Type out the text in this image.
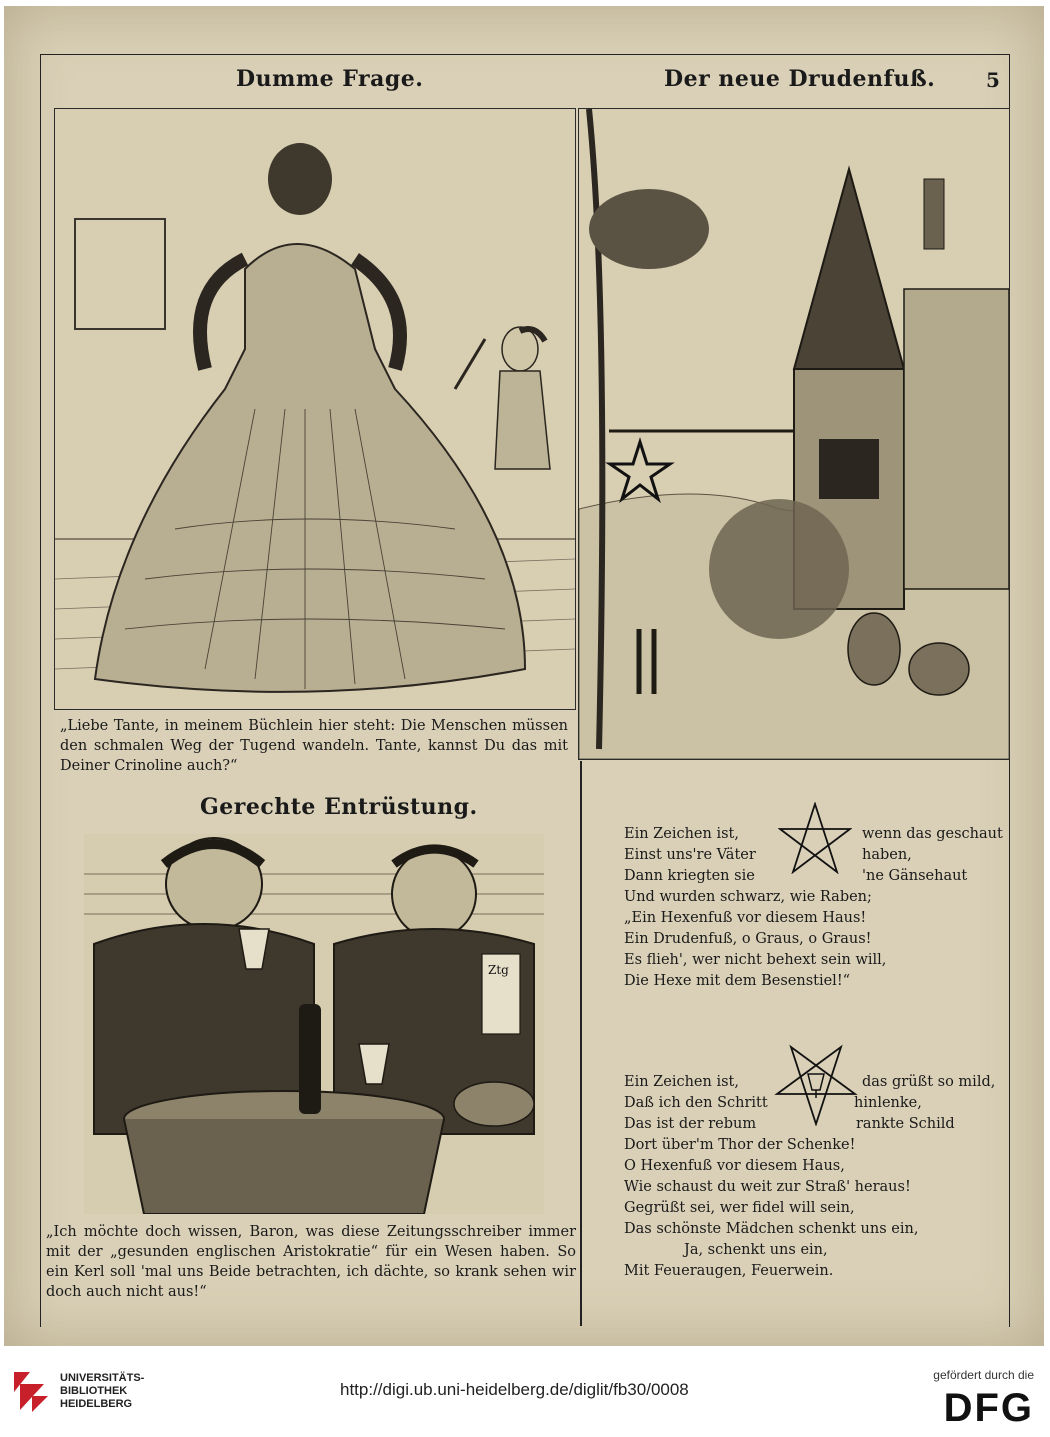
Dumme Frage.	Der neue Drudenfuß.	5

„Liebe Tante, in meinem Büchlein hier steht: Die Menschen müssen den schmalen Weg der Tugend wandeln. Tante, kannst Du das mit Deiner Crinoline auch?“

Gerechte Entrüstung.
Ztg

„Ich möchte doch wissen, Baron, was diese Zeitungsschreiber immer mit der „gesunden englischen Aristokratie“ für ein Wesen haben. So ein Kerl soll 'mal uns Beide betrachten, ich dächte, so krank sehen wir doch auch nicht aus!“

Ein Zeichen ist,	wenn das geschaut
Einst uns're Väter	haben,
Dann kriegten sie	'ne Gänsehaut
Und wurden schwarz, wie Raben;
„Ein Hexenfuß vor diesem Haus!
Ein Drudenfuß, o Graus, o Graus!
Es flieh', wer nicht behext sein will,
Die Hexe mit dem Besenstiel!“
Ein Zeichen ist,	das grüßt so mild,
Daß ich den Schritt	hinlenke,
Das ist der rebum	rankte Schild
Dort über'm Thor der Schenke!
O Hexenfuß vor diesem Haus,
Wie schaust du weit zur Straß' heraus!
Gegrüßt sei, wer fidel will sein,
Das schönste Mädchen schenkt uns ein,
Ja, schenkt uns ein,
Mit Feueraugen, Feuerwein.
UNIVERSITÄTS-
BIBLIOTHEK
HEIDELBERG
http://digi.ub.uni-heidelberg.de/diglit/fb30/0008
gefördert durch die
DFG
